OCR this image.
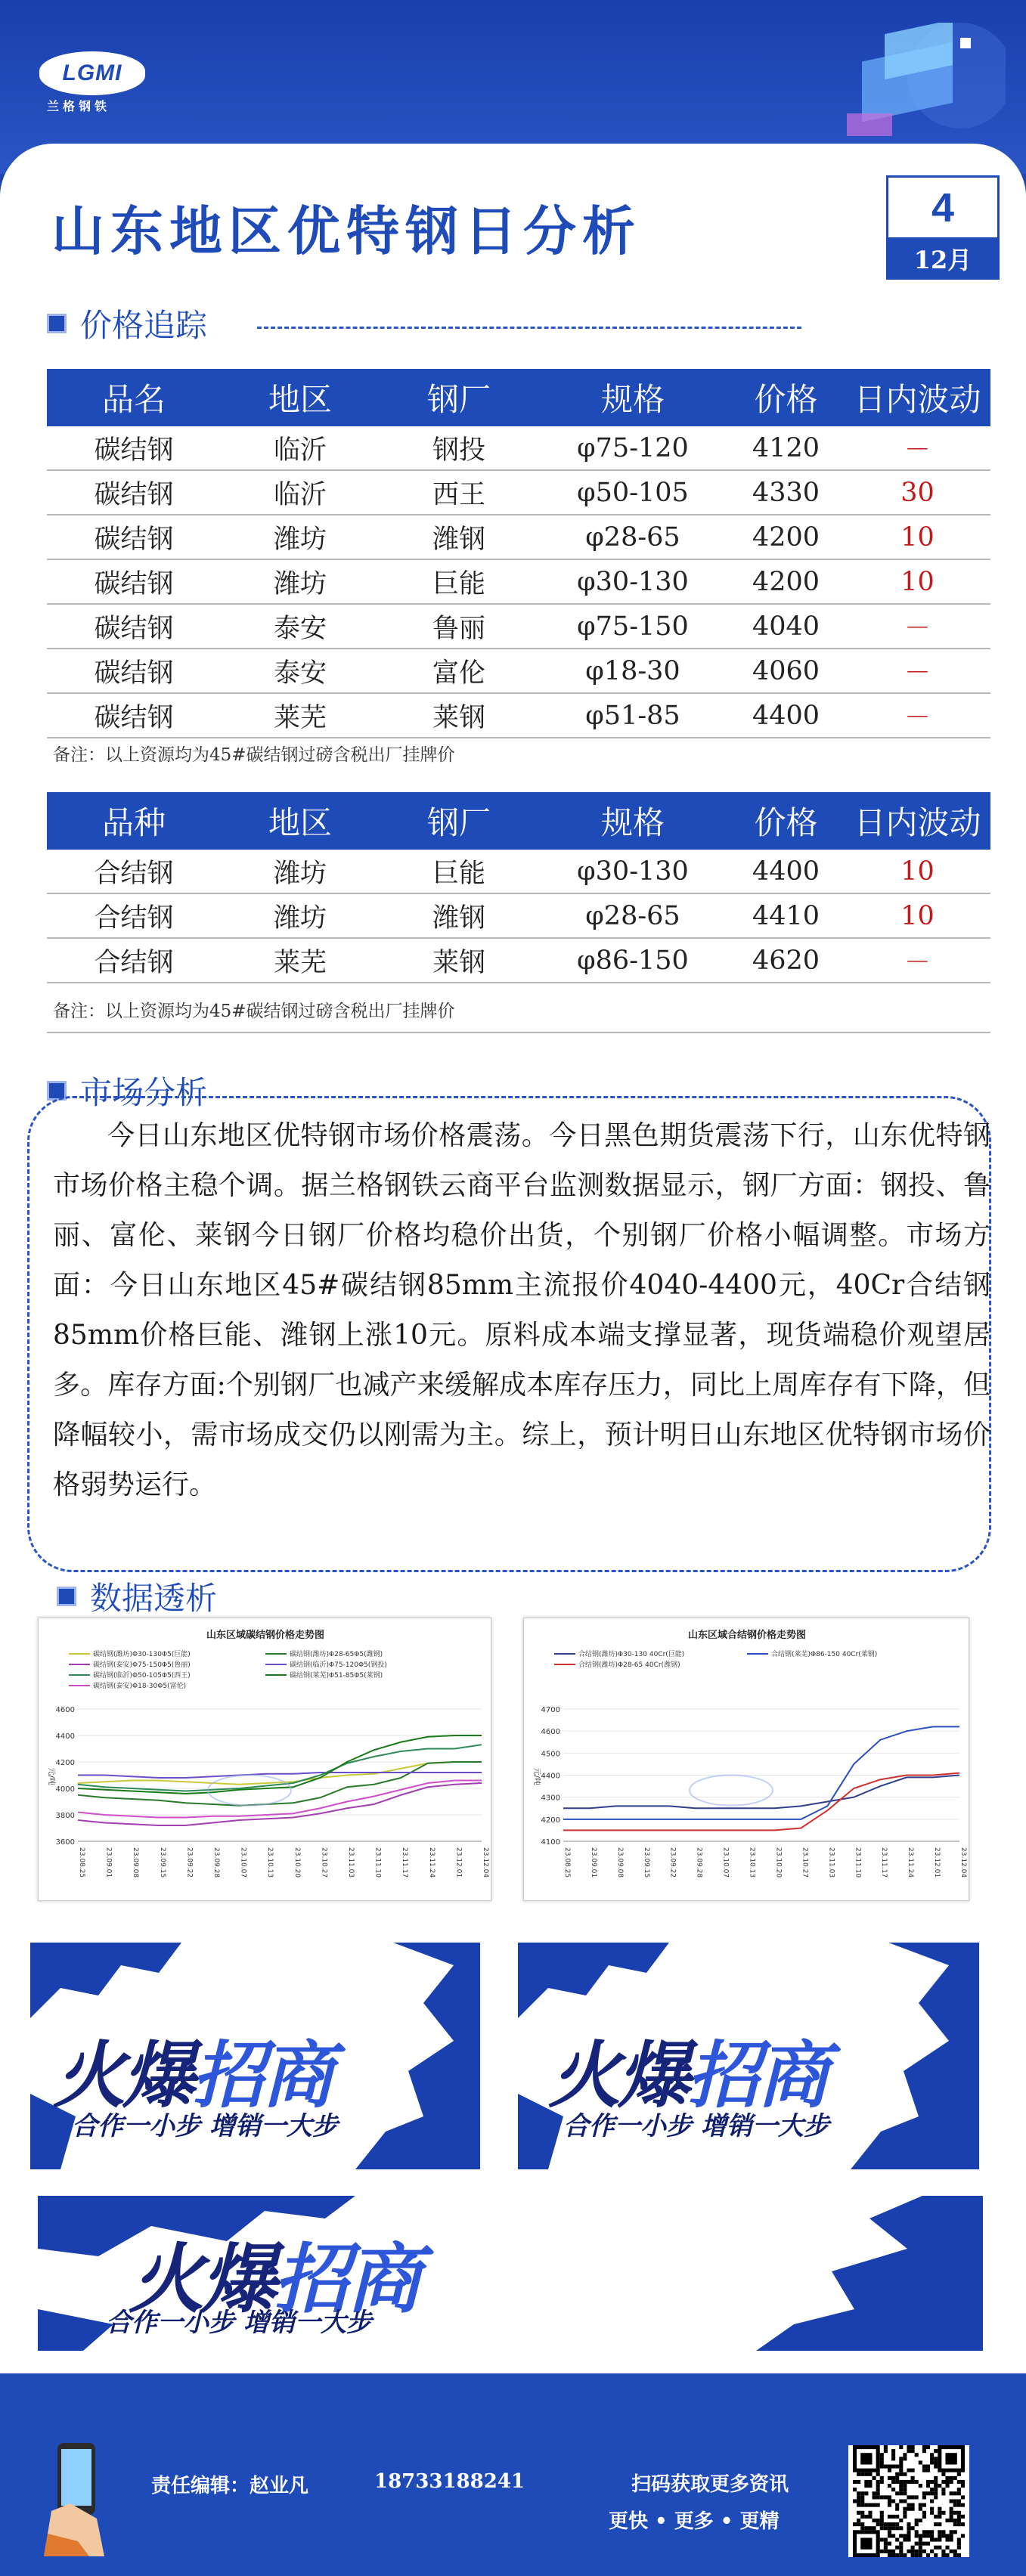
LGMI
兰格钢铁
山东地区优特钢日分析	4
12月
价格追踪
品名	地区	钢厂	规格	价格	日内波动
碳结钢	临沂	钢投	φ75-120	4120	－
碳结钢	临沂	西王	φ50-105	4330	30
碳结钢	潍坊	潍钢	φ28-65	4200	10
碳结钢	潍坊	巨能	φ30-130	4200	10
碳结钢	泰安	鲁丽	φ75-150	4040	－
碳结钢	泰安	富伦	φ18-30	4060	－
碳结钢	莱芜	莱钢	φ51-85	4400	－
备注：以上资源均为45#碳结钢过磅含税出厂挂牌价
品种	地区	钢厂	规格	价格	日内波动
合结钢	潍坊	巨能	φ30-130	4400	10
合结钢	潍坊	潍钢	φ28-65	4410	10
合结钢	莱芜	莱钢	φ86-150	4620	－
备注：以上资源均为45#碳结钢过磅含税出厂挂牌价
市场分析
今日山东地区优特钢市场价格震荡。今日黑色期货震荡下行，山东优特钢市场价格主稳个调。据兰格钢铁云商平台监测数据显示，钢厂方面：钢投、鲁丽、富伦、莱钢今日钢厂价格均稳价出货，个别钢厂价格小幅调整。市场方面：今日山东地区45#碳结钢85mm主流报价4040-4400元，40Cr合结钢85mm价格巨能、潍钢上涨10元。原料成本端支撑显著，现货端稳价观望居多。库存方面:个别钢厂也减产来缓解成本库存压力，同比上周库存有下降，但降幅较小，需市场成交仍以刚需为主。综上，预计明日山东地区优特钢市场价格弱势运行。
数据透析
山东区域碳结钢价格走势图
碳结钢(潍坊)Φ30-130Φ5(巨能)	碳结钢(潍坊)Φ28-65Φ5(潍钢)
碳结钢(泰安)Φ75-150Φ5(鲁丽)	碳结钢(临沂)Φ75-120Φ5(钢投)
碳结钢(临沂)Φ50-105Φ5(西王)	碳结钢(莱芜)Φ51-85Φ5(莱钢)
碳结钢(泰安)Φ18-30Φ5(富伦)
3600
3800
4000
4200
4400
4600
元/吨
23.08.25	23.09.01	23.09.08	23.09.15	23.09.22	23.09.28	23.10.07	23.10.13	23.10.20	23.10.27	23.11.03	23.11.10	23.11.17	23.11.24	23.12.01	23.12.04
山东区域合结钢价格走势图
合结钢(潍坊)Φ30-130 40Cr(巨能)	合结钢(莱芜)Φ86-150 40Cr(莱钢)
合结钢(潍坊)Φ28-65 40Cr(潍钢)
4100
4200
4300
4400
4500
4600
4700
元/吨
23.08.25	23.09.01	23.09.08	23.09.15	23.09.22	23.09.28	23.10.07	23.10.13	23.10.20	23.10.27	23.11.03	23.11.10	23.11.17	23.11.24	23.12.01	23.12.04
火爆招商
合作一小步 增销一大步
火爆招商
合作一小步 增销一大步
火爆招商
合作一小步 增销一大步
责任编辑：赵业凡	18733188241	扫码获取更多资讯
更快 • 更多 • 更精
